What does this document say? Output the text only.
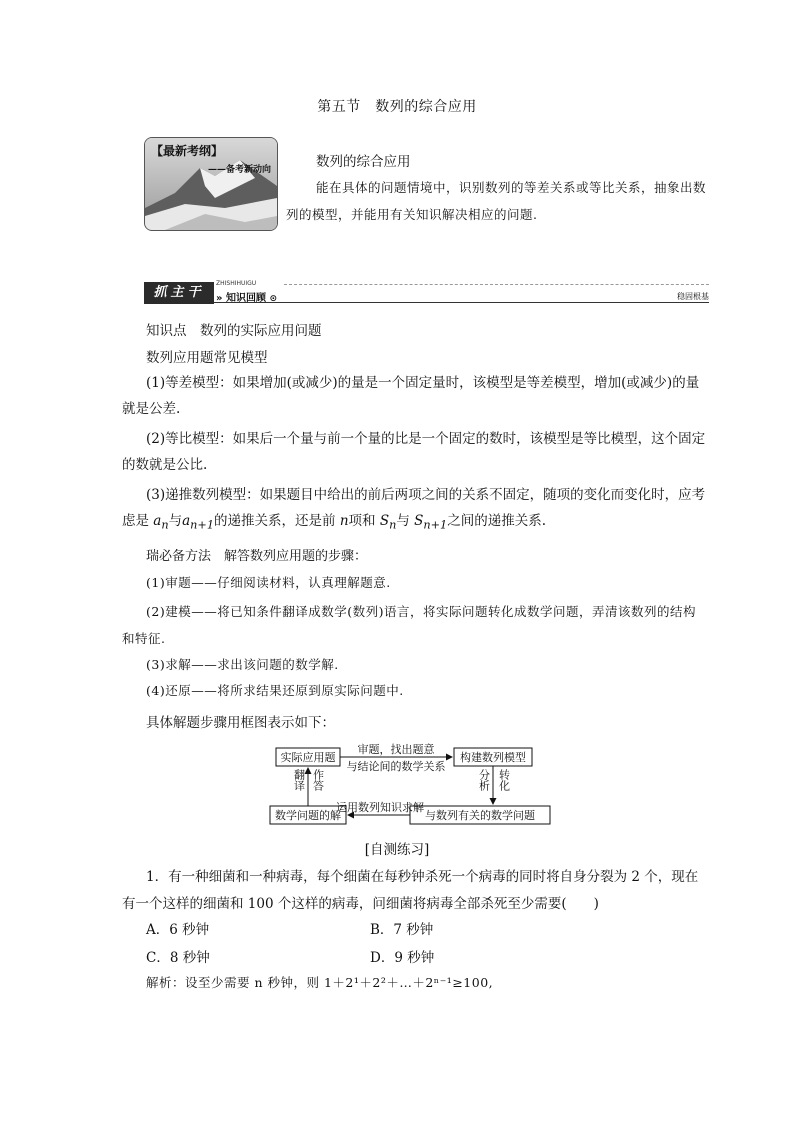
第五节　数列的综合应用
【最新考纲】
——备考新动向	数列的综合应用
能在具体的问题情境中，识别数列的等差关系或等比关系，抽象出数列的模型，并能用有关知识解决相应的问题.
抓主干
ZHISHIHUIGU
» 知识回顾 ⊙	稳固根基
知识点　数列的实际应用问题
数列应用题常见模型
(1)等差模型：如果增加(或减少)的量是一个固定量时，该模型是等差模型，增加(或减少)的量就是公差.
(2)等比模型：如果后一个量与前一个量的比是一个固定的数时，该模型是等比模型，这个固定的数就是公比.
(3)递推数列模型：如果题目中给出的前后两项之间的关系不固定，随项的变化而变化时，应考虑是 $a_n$与$a_{n+1}$的递推关系，还是前 n项和 $S_n$与 $S_{n+1}$之间的递推关系.
瑞必备方法　解答数列应用题的步骤：
(1)审题——仔细阅读材料，认真理解题意.
(2)建模——将已知条件翻译成数学(数列)语言，将实际问题转化成数学问题，弄清该数列的结构和特征.
(3)求解——求出该问题的数学解.
(4)还原——将所求结果还原到原实际问题中.
具体解题步骤用框图表示如下：
实际应用题	构建数列模型
数学问题的解	与数列有关的数学问题
审题，找出题意
与结论间的数学关系
分析 转化
运用数列知识求解
翻译 作答
[自测练习]
1．有一种细菌和一种病毒，每个细菌在每秒钟杀死一个病毒的同时将自身分裂为 2 个，现在有一个这样的细菌和 100 个这样的病毒，问细菌将病毒全部杀死至少需要(　　)
A．6 秒钟	B．7 秒钟
C．8 秒钟	D．9 秒钟
解析：设至少需要 n 秒钟，则 1＋2¹＋2²＋…＋2ⁿ⁻¹≥100,
